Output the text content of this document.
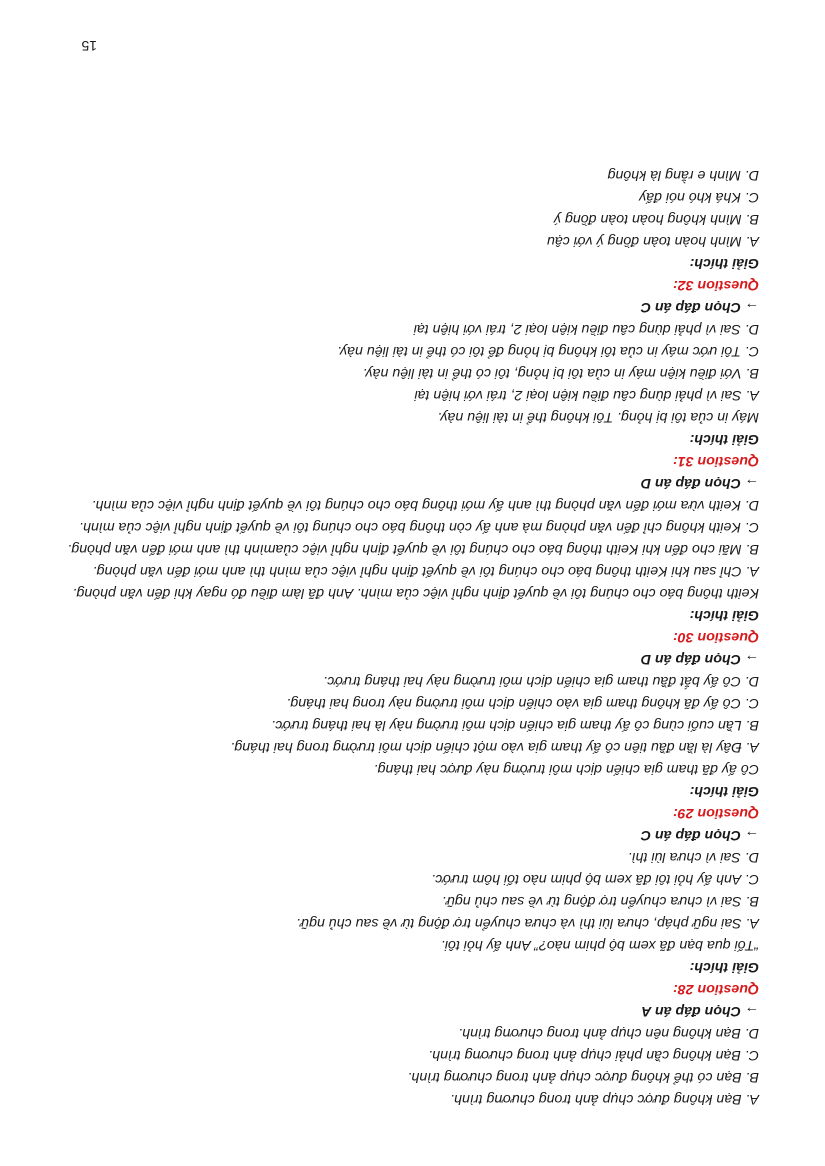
A. Bạn không được chụp ảnh trong chương trình.
B. Bạn có thể không được chụp ảnh trong chương trình.
C. Bạn không cần phải chụp ảnh trong chương trình.
D. Bạn không nên chụp ảnh trong chương trình.
→ Chọn đáp án A
Question 28:
Giải thích:
“Tối qua bạn đã xem bộ phim nào?” Anh ấy hỏi tôi.
A. Sai ngữ pháp, chưa lùi thì và chưa chuyển trợ động từ về sau chủ ngữ.
B. Sai vì chưa chuyển trợ động từ về sau chủ ngữ.
C. Anh ấy hỏi tôi đã xem bộ phim nào tối hôm trước.
D. Sai vì chưa lùi thì.
→ Chọn đáp án C
Question 29:
Giải thích:
Cô ấy đã tham gia chiến dịch môi trường này được hai tháng.
A. Đây là lần đầu tiên cô ấy tham gia vào một chiến dịch môi trường trong hai tháng.
B. Lần cuối cùng cô ấy tham gia chiến dịch môi trường này là hai tháng trước.
C. Cô ấy đã không tham gia vào chiến dịch môi trường này trong hai tháng.
D. Cô ấy bắt đầu tham gia chiến dịch môi trường này hai tháng trước.
→ Chọn đáp án D
Question 30:
Giải thích:
Keith thông báo cho chúng tôi về quyết định nghỉ việc của mình. Anh đã làm điều đó ngay khi đến văn phòng.
A. Chỉ sau khi Keith thông báo cho chúng tôi về quyết định nghỉ việc của mình thì anh mới đến văn phòng.
B. Mãi cho đến khi Keith thông báo cho chúng tôi về quyết định nghỉ việc củamình thì anh mới đến văn phòng.
C. Keith không chỉ đến văn phòng mà anh ấy còn thông báo cho chúng tôi về quyết định nghỉ việc của mình.
D. Keith vừa mới đến văn phòng thì anh ấy mới thông báo cho chúng tôi về quyết định nghỉ việc của mình.
→ Chọn đáp án D
Question 31:
Giải thích:
Máy in của tôi bị hỏng. Tôi không thể in tài liệu này.
A. Sai vì phải dùng câu điều kiện loại 2, trái với hiện tại
B. Với điều kiện máy in của tôi bị hỏng, tôi có thể in tài liệu này.
C. Tôi ước máy in của tôi không bị hỏng để tôi có thể in tài liệu này.
D. Sai vì phải dùng câu điều kiện loại 2, trái với hiện tại
→ Chọn đáp án C
Question 32:
Giải thích:
A. Mình hoàn toàn đồng ý với cậu
B. Mình không hoàn toàn đồng ý
C. Khá khó nói đấy
D. Mình e rằng là không
15
